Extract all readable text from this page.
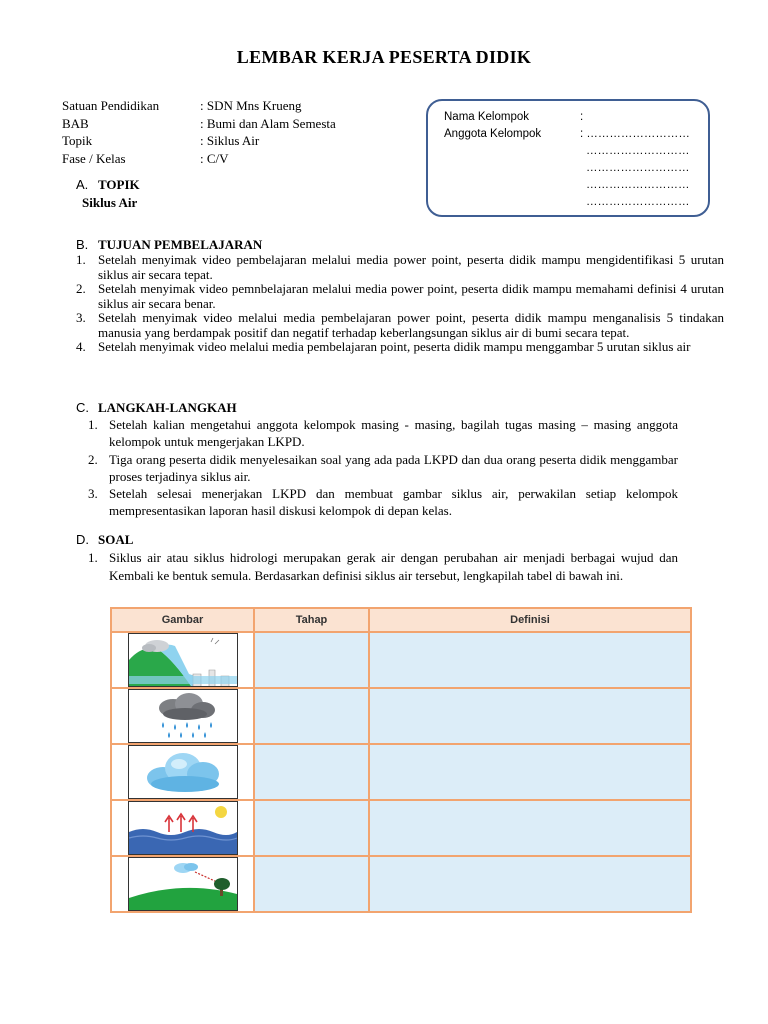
LEMBAR KERJA PESERTA DIDIK
Satuan Pendidikan	: SDN Mns Krueng
BAB	: Bumi dan Alam Semesta
Topik	: Siklus Air
Fase / Kelas	: C/V
Nama Kelompok	:
Anggota Kelompok	: ………………………
………………………
………………………
………………………
………………………
A. TOPIK
Siklus Air
B. TUJUAN PEMBELAJARAN
1. Setelah menyimak video pembelajaran melalui media power point, peserta didik mampu mengidentifikasi 5 urutan siklus air secara tepat.
2. Setelah menyimak video pemnbelajaran melalui media power point, peserta didik mampu memahami definisi 4 urutan siklus air secara benar.
3. Setelah menyimak video melalui media pembelajaran power point, peserta didik mampu menganalisis 5 tindakan manusia yang berdampak positif dan negatif terhadap keberlangsungan siklus air di bumi secara tepat.
4. Setelah menyimak video melalui media pembelajaran point, peserta didik mampu menggambar 5 urutan siklus air
C. LANGKAH-LANGKAH
1. Setelah kalian mengetahui anggota kelompok masing - masing, bagilah tugas masing – masing anggota kelompok untuk mengerjakan LKPD.
2. Tiga orang peserta didik menyelesaikan soal yang ada pada LKPD dan dua orang peserta didik menggambar proses terjadinya siklus air.
3. Setelah selesai menerjakan LKPD dan membuat gambar siklus air, perwakilan setiap kelompok mempresentasikan laporan hasil diskusi kelompok di depan kelas.
D. SOAL
1. Siklus air atau siklus hidrologi merupakan gerak air dengan perubahan air menjadi berbagai wujud dan Kembali ke bentuk semula. Berdasarkan definisi siklus air tersebut, lengkapilah tabel di bawah ini.
Gambar	Tahap	Definisi
